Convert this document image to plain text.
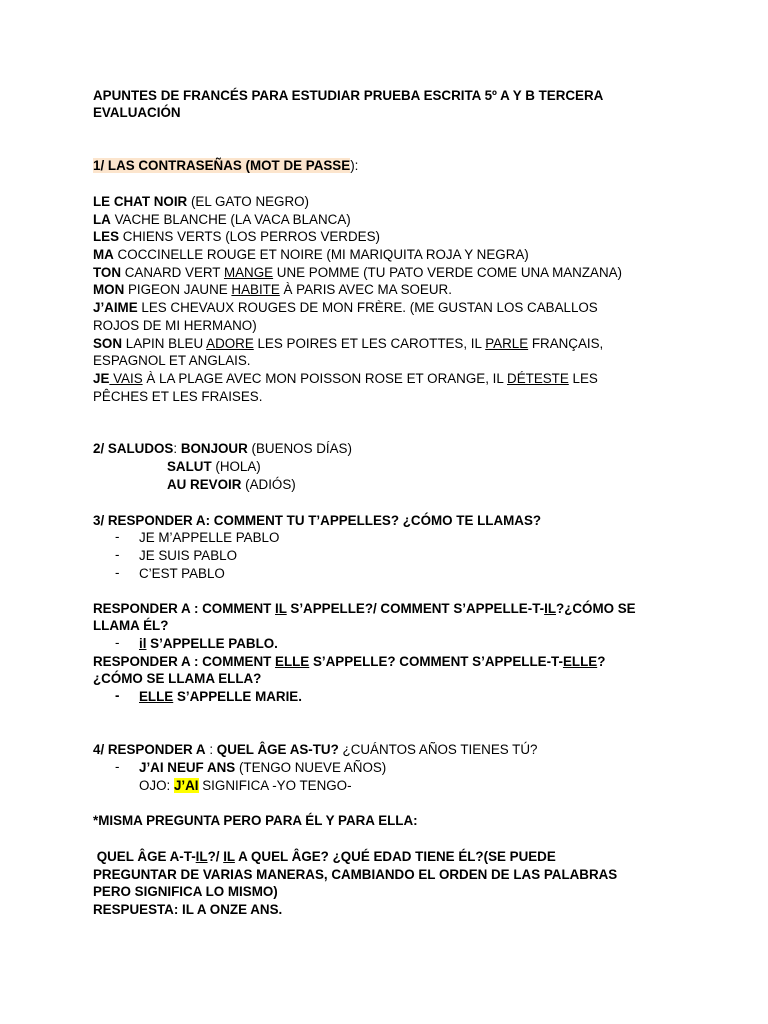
APUNTES DE FRANCÉS PARA ESTUDIAR PRUEBA ESCRITA 5º A Y B TERCERA
EVALUACIÓN
1/ LAS CONTRASEÑAS (MOT DE PASSE):
LE CHAT NOIR (EL GATO NEGRO)
LA VACHE BLANCHE (LA VACA BLANCA)
LES CHIENS VERTS (LOS PERROS VERDES)
MA COCCINELLE ROUGE ET NOIRE (MI MARIQUITA ROJA Y NEGRA)
TON CANARD VERT MANGE UNE POMME (TU PATO VERDE COME UNA MANZANA)
MON PIGEON JAUNE HABITE À PARIS AVEC MA SOEUR.
J’AIME LES CHEVAUX ROUGES DE MON FRÈRE. (ME GUSTAN LOS CABALLOS
ROJOS DE MI HERMANO)
SON LAPIN BLEU ADORE LES POIRES ET LES CAROTTES, IL PARLE FRANÇAIS,
ESPAGNOL ET ANGLAIS.
JE VAIS À LA PLAGE AVEC MON POISSON ROSE ET ORANGE, IL DÉTESTE LES
PÊCHES ET LES FRAISES.
2/ SALUDOS: BONJOUR (BUENOS DÍAS)
SALUT (HOLA)
AU REVOIR (ADIÓS)
3/ RESPONDER A: COMMENT TU T’APPELLES? ¿CÓMO TE LLAMAS?
- JE M’APPELLE PABLO
- JE SUIS PABLO
- C’EST PABLO
RESPONDER A : COMMENT IL S’APPELLE?/ COMMENT S’APPELLE-T-IL?¿CÓMO SE
LLAMA ÉL?
- il S’APPELLE PABLO.
RESPONDER A : COMMENT ELLE S’APPELLE? COMMENT S’APPELLE-T-ELLE?
¿CÓMO SE LLAMA ELLA?
- ELLE S’APPELLE MARIE.
4/ RESPONDER A : QUEL ÂGE AS-TU? ¿CUÁNTOS AÑOS TIENES TÚ?
- J’AI NEUF ANS (TENGO NUEVE AÑOS)
OJO: J’AI SIGNIFICA -YO TENGO-
*MISMA PREGUNTA PERO PARA ÉL Y PARA ELLA:
QUEL ÂGE A-T-IL?/ IL A QUEL ÂGE? ¿QUÉ EDAD TIENE ÉL?(SE PUEDE
PREGUNTAR DE VARIAS MANERAS, CAMBIANDO EL ORDEN DE LAS PALABRAS
PERO SIGNIFICA LO MISMO)
RESPUESTA: IL A ONZE ANS.
